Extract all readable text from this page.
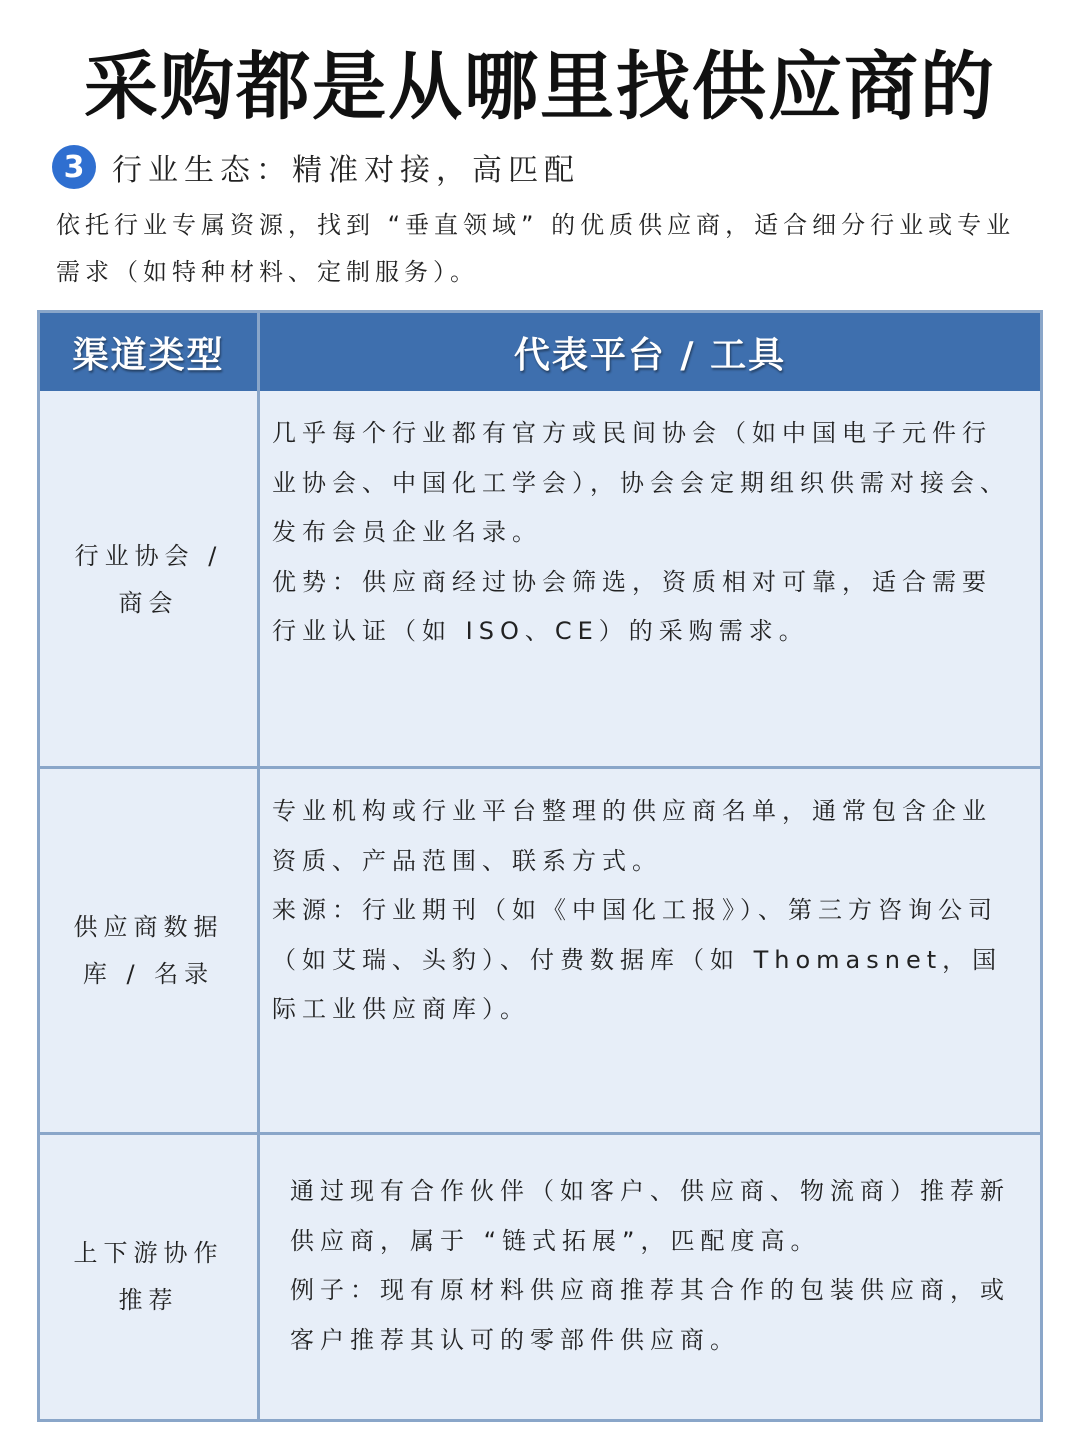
采购都是从哪里找供应商的
3 行业生态：精准对接，高匹配

依托行业专属资源，找到 “垂直领域” 的优质供应商，适合细分行业或专业需求（如特种材料、定制服务）。

渠道类型	代表平台 / 工具
行业协会 / 商会

几乎每个行业都有官方或民间协会（如中国电子元件行业协会、中国化工学会），协会会定期组织供需对接会、发布会员企业名录。

优势：供应商经过协会筛选，资质相对可靠，适合需要行业认证（如 ISO、CE）的采购需求。

供应商数据库 / 名录

专业机构或行业平台整理的供应商名单，通常包含企业资质、产品范围、联系方式。

来源：行业期刊（如《中国化工报》）、第三方咨询公司（如艾瑞、头豹）、付费数据库（如 Thomasnet，国际工业供应商库）。

上下游协作推荐

通过现有合作伙伴（如客户、供应商、物流商）推荐新供应商，属于 “链式拓展”，匹配度高。

例子：现有原材料供应商推荐其合作的包装供应商，或客户推荐其认可的零部件供应商。
